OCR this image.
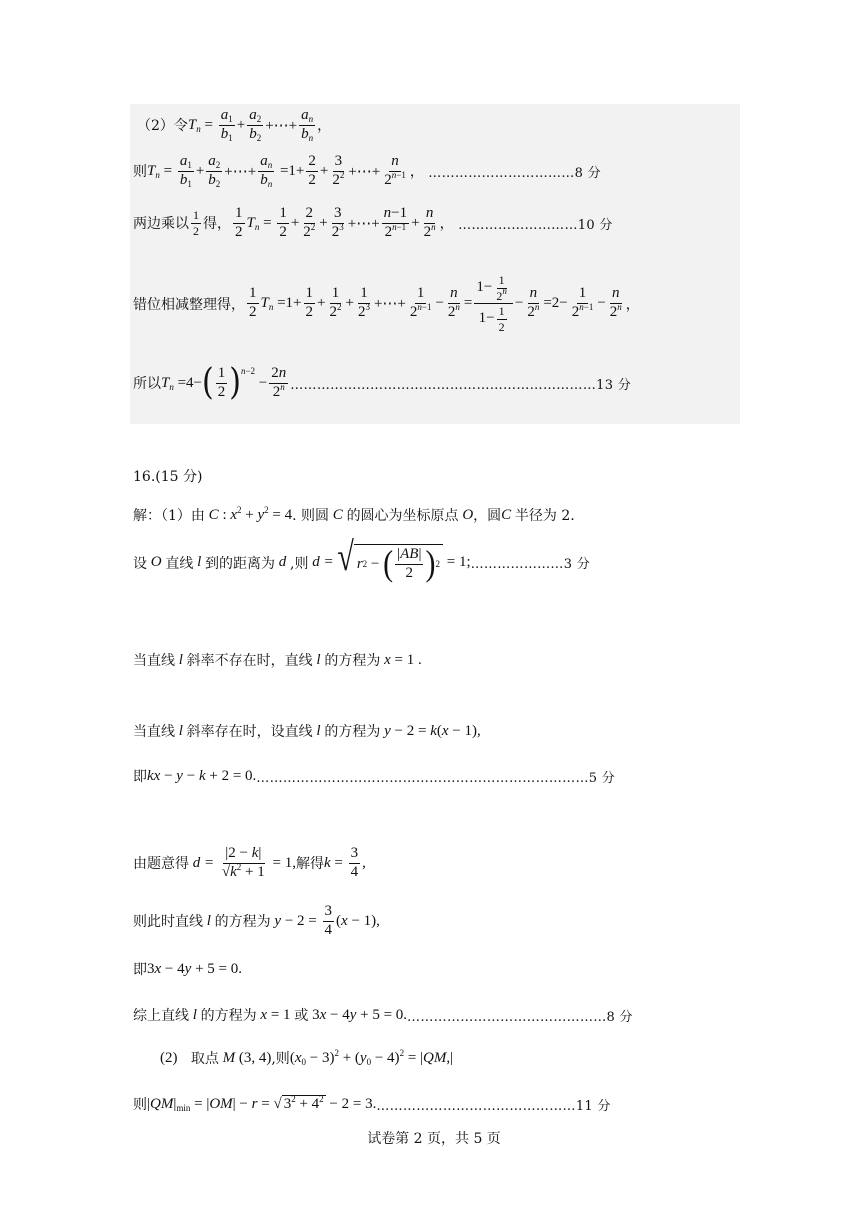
（2）令 $T_n = \frac{a_1}{b_1} + \frac{a_2}{b_2}$ +⋯+ $\frac{a_n}{b_n}$ ，
则 $T_n = \frac{a_1}{b_1} + \frac{a_2}{b_2}$ +⋯+ $\frac{a_n}{b_n} =1+ \frac{2}{2} + \frac{3}{2^2}$ +⋯+ $\frac{n}{2^{n-1}}$ ， ……………………………8 分
两边乘以
1
2 得，
1
2
$T_n = \frac{1}{2} + \frac{2}{2^2} + \frac{3}{2^3}$ +⋯+ $\frac{n-1}{2^{n-1}} + \frac{n}{2^n}$ ， ………………………10 分
错位相减整理得，
1
2
$T_n =1+ \frac{1}{2} + \frac{1}{2^2} + \frac{1}{2^3}$ +⋯+ $\frac{1}{2^{n-1}} - \frac{n}{2^n} = 1- 1$
2$^n$
1− 1
$2 - \frac{n}{2^n} =2- \frac{1}{2^{n-1}} - \frac{n}{2^n}$ ，
所以 $T_n =4-$ ( 1
2 ) n−2
− $\frac{2n}{2^n}$ ……………………………………………………………13 分
16.(15 分)
解：（1）由 C : $x^2 + y^2 = 4$ . 则圆 C 的圆心为坐标原点 O ，圆 C 半径为 2.
设 O 直线 l 到的距离为 d ,则 d = √ r 2 − ( |AB|
2 ) 2 = 1; …………………3 分
当直线 l 斜率不存在时，直线 l 的方程为 x = 1 .
当直线 l 斜率存在时，设直线 l 的方程为 y − 2 = k(x − 1),
即 kx − y − k + 2 = 0. …………………………………………………………………5 分
由题意得 $d = \frac{|2 - k|}{√k^2 + 1} = 1$, 解得 $k = \frac{3}{4}$ ,
则此时直线 l 的方程为 $y - 2 = \frac{3}{4} (x - 1)$,
即 3x − 4y + 5 = 0.
综上直线 l 的方程为 x = 1 或 3x − 4y + 5 = 0. ………………………………………8 分
(2)
取点 M (3, 4) ,则 $(x_0 - 3)^2 + (y_0 - 4)^2 = |QM,|$
则 $|QM|_{min} = |OM| - r$ = √ $3^2 + 4^2 - 2 = 3$. ………………………………………11 分
试卷第 2 页，共 5 页
